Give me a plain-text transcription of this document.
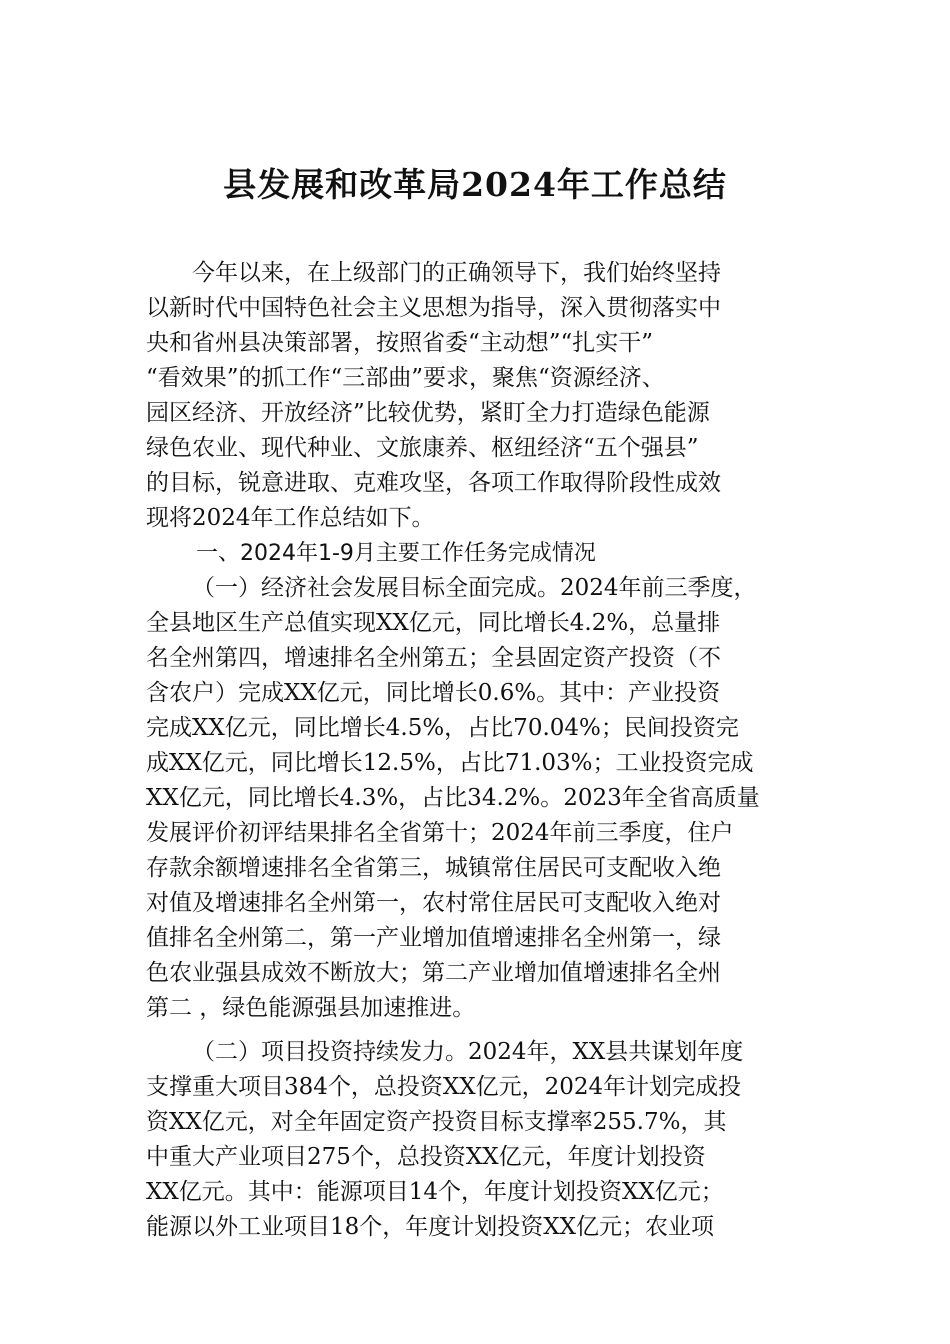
县发展和改革局2024年工作总结
今年以来，在上级部门的正确领导下，我们始终坚持
以新时代中国特色社会主义思想为指导，深入贯彻落实中
央和省州县决策部署，按照省委“主动想”“扎实干”
“看效果”的抓工作“三部曲”要求，聚焦“资源经济、
园区经济、开放经济”比较优势，紧盯全力打造绿色能源
绿色农业、现代种业、文旅康养、枢纽经济“五个强县”
的目标，锐意进取、克难攻坚，各项工作取得阶段性成效
现将2024年工作总结如下。
一、2024年1-9月主要工作任务完成情况
（一）经济社会发展目标全面完成。2024年前三季度，
全县地区生产总值实现XX亿元，同比增长4.2%，总量排
名全州第四，增速排名全州第五；全县固定资产投资（不
含农户）完成XX亿元，同比增长0.6%。其中：产业投资
完成XX亿元，同比增长4.5%，占比70.04%；民间投资完
成XX亿元，同比增长12.5%，占比71.03%；工业投资完成
XX亿元，同比增长4.3%，占比34.2%。2023年全省高质量
发展评价初评结果排名全省第十；2024年前三季度，住户
存款余额增速排名全省第三，城镇常住居民可支配收入绝
对值及增速排名全州第一，农村常住居民可支配收入绝对
值排名全州第二，第一产业增加值增速排名全州第一，绿
色农业强县成效不断放大；第二产业增加值增速排名全州
第二 ，绿色能源强县加速推进。
（二）项目投资持续发力。2024年，XX县共谋划年度
支撑重大项目384个，总投资XX亿元，2024年计划完成投
资XX亿元，对全年固定资产投资目标支撑率255.7%，其
中重大产业项目275个，总投资XX亿元，年度计划投资
XX亿元。其中：能源项目14个，年度计划投资XX亿元；
能源以外工业项目18个，年度计划投资XX亿元；农业项
